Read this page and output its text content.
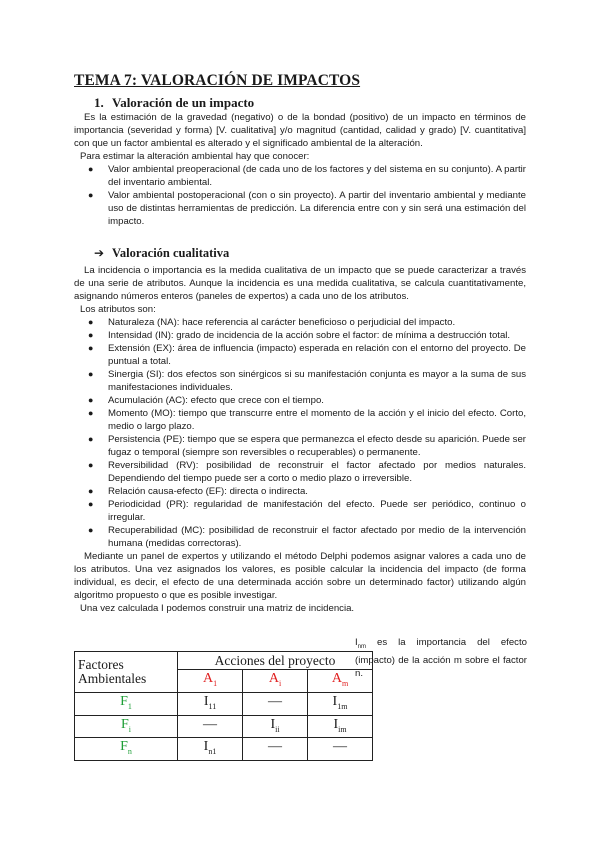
TEMA 7: VALORACIÓN DE IMPACTOS
1. Valoración de un impacto

Es la estimación de la gravedad (negativo) o de la bondad (positivo) de un impacto en términos de importancia (severidad y forma) [V. cualitativa] y/o magnitud (cantidad, calidad y grado) [V. cuantitativa] con que un factor ambiental es alterado y el significado ambiental de la alteración.

Para estimar la alteración ambiental hay que conocer:

● Valor ambiental preoperacional (de cada uno de los factores y del sistema en su conjunto). A partir del inventario ambiental.
● Valor ambiental postoperacional (con o sin proyecto). A partir del inventario ambiental y mediante uso de distintas herramientas de predicción. La diferencia entre con y sin será una estimación del impacto.
➔ Valoración cualitativa

La incidencia o importancia es la medida cualitativa de un impacto que se puede caracterizar a través de una serie de atributos. Aunque la incidencia es una medida cualitativa, se calcula cuantitativamente, asignando números enteros (paneles de expertos) a cada uno de los atributos.

Los atributos son:

● Naturaleza (NA): hace referencia al carácter beneficioso o perjudicial del impacto.
● Intensidad (IN): grado de incidencia de la acción sobre el factor: de mínima a destrucción total.
● Extensión (EX): área de influencia (impacto) esperada en relación con el entorno del proyecto. De puntual a total.
● Sinergia (SI): dos efectos son sinérgicos si su manifestación conjunta es mayor a la suma de sus manifestaciones individuales.
● Acumulación (AC): efecto que crece con el tiempo.
● Momento (MO): tiempo que transcurre entre el momento de la acción y el inicio del efecto. Corto, medio o largo plazo.
● Persistencia (PE): tiempo que se espera que permanezca el efecto desde su aparición. Puede ser fugaz o temporal (siempre son reversibles o recuperables) o permanente.
● Reversibilidad (RV): posibilidad de reconstruir el factor afectado por medios naturales. Dependiendo del tiempo puede ser a corto o medio plazo o irreversible.
● Relación causa-efecto (EF): directa o indirecta.
● Periodicidad (PR): regularidad de manifestación del efecto. Puede ser periódico, continuo o irregular.
● Recuperabilidad (MC): posibilidad de reconstruir el factor afectado por medio de la intervención humana (medidas correctoras).

Mediante un panel de expertos y utilizando el método Delphi podemos asignar valores a cada uno de los atributos. Una vez asignados los valores, es posible calcular la incidencia del impacto (de forma individual, es decir, el efecto de una determinada acción sobre un determinado factor) utilizando algún algoritmo propuesto o que es posible investigar.

Una vez calculada I podemos construir una matriz de incidencia.

Factores
Ambientales	Acciones del proyecto		
	$A_1$	$A_i$	$A_m$
$F_1$	$I_{11}$	—	$I_{1m}$
$F_i$	—	$I_{ii}$	$I_{im}$
$F_n$	$I_{n1}$	—	—
$I_{nm}$ es la importancia del efecto (impacto) de la acción m sobre el factor n.
